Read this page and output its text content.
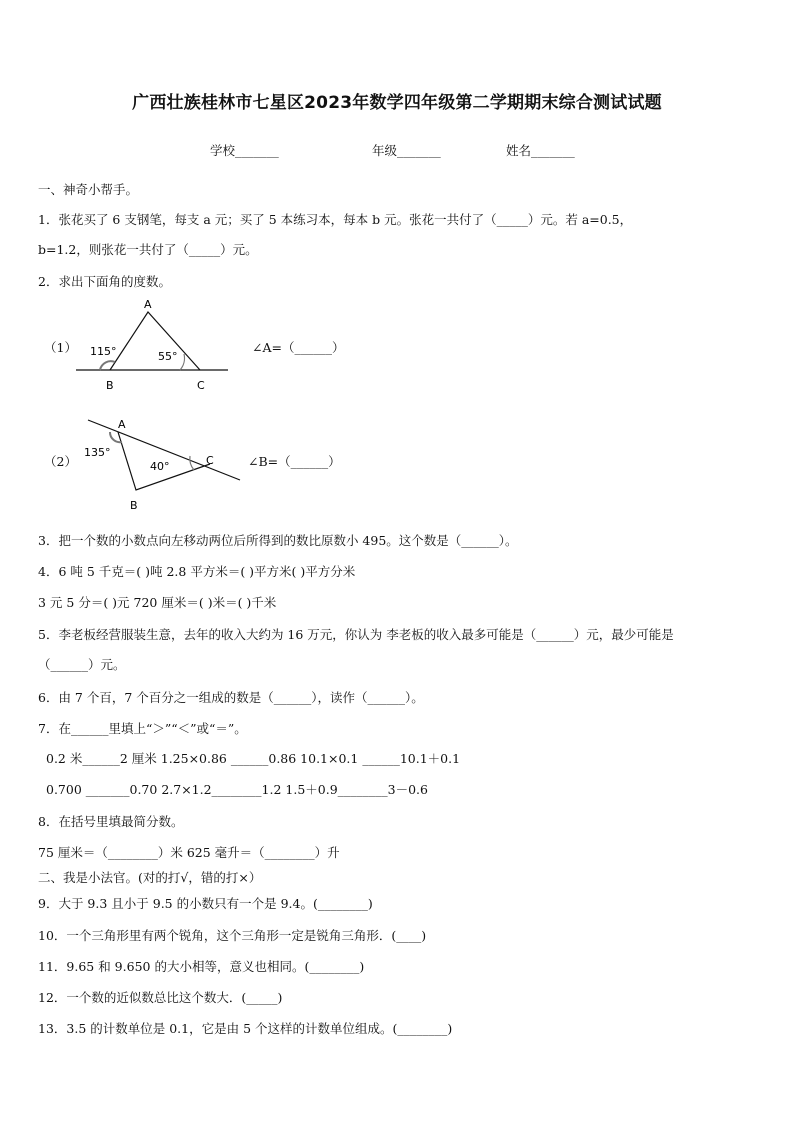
广西壮族桂林市七星区2023年数学四年级第二学期期末综合测试试题
学校_______	年级_______	姓名_______
一、神奇小帮手。
1．张花买了 6 支钢笔，每支 a 元；买了 5 本练习本，每本 b 元。张花一共付了（_____）元。若 a=0.5，
b=1.2，则张花一共付了（_____）元。
2．求出下面角的度数。
（1）
A
B	C
115°	55°
∠A=（______）
（2）
A
B
C
135°
40°	∠B=（______）
3．把一个数的小数点向左移动两位后所得到的数比原数小 495。这个数是（______）。
4．6 吨 5 千克＝( )吨 2.8 平方米＝( )平方米( )平方分米
3 元 5 分＝( )元 720 厘米＝( )米＝( )千米
5．李老板经营服装生意，去年的收入大约为 16 万元，你认为 李老板的收入最多可能是（______）元，最少可能是
（______）元。
6．由 7 个百，7 个百分之一组成的数是（______），读作（______）。
7．在______里填上“＞”“＜”或“＝”。
0.2 米______2 厘米 1.25×0.86 ______0.86 10.1×0.1 ______10.1＋0.1
0.700 _______0.70 2.7×1.2________1.2 1.5＋0.9________3－0.6
8．在括号里填最简分数。
75 厘米＝（________）米 625 毫升＝（________）升
二、我是小法官。(对的打√，错的打×）
9．大于 9.3 且小于 9.5 的小数只有一个是 9.4。(________)
10．一个三角形里有两个锐角，这个三角形一定是锐角三角形．(____)
11．9.65 和 9.650 的大小相等，意义也相同。(________)
12．一个数的近似数总比这个数大．(_____)
13．3.5 的计数单位是 0.1，它是由 5 个这样的计数单位组成。(________)
